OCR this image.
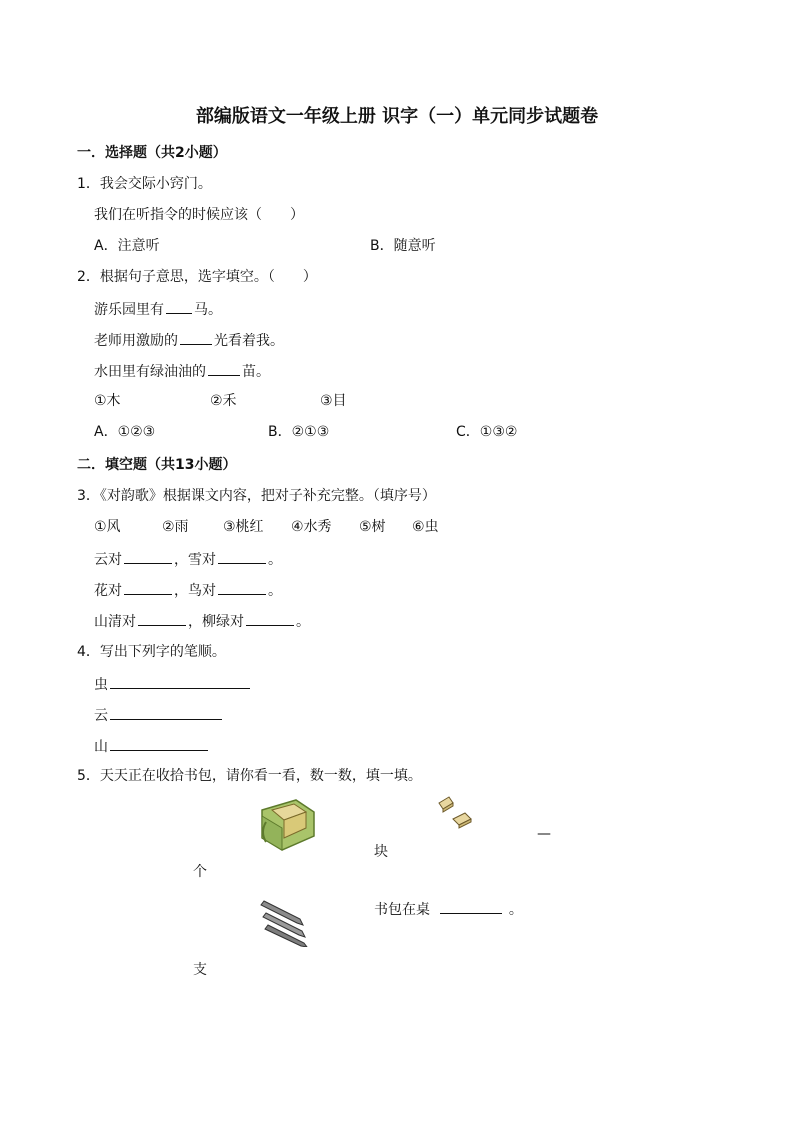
部编版语文一年级上册 识字（一）单元同步试题卷
一．选择题（共2小题）
1．我会交际小窍门。
我们在听指令的时候应该（　　）
A．注意听	B．随意听
2．根据句子意思，选字填空。（　　）
游乐园里有 马。
老师用激励的	光看着我。
水田里有绿油油的	苗。
①木	②禾	③目
A．①②③	B．②①③	C．①③②
二．填空题（共13小题）
3．《对韵歌》根据课文内容，把对子补充完整。（填序号）
①风	②雨 ③桃红 ④水秀 ⑤树 ⑥虫
云对	，雪对	。
花对	，鸟对	。
山清对	，柳绿对	。
4．写出下列字的笔顺。
虫
云
山
5．天天正在收拾书包，请你看一看，数一数，填一填。
—
块
个
书包在桌	。
支
